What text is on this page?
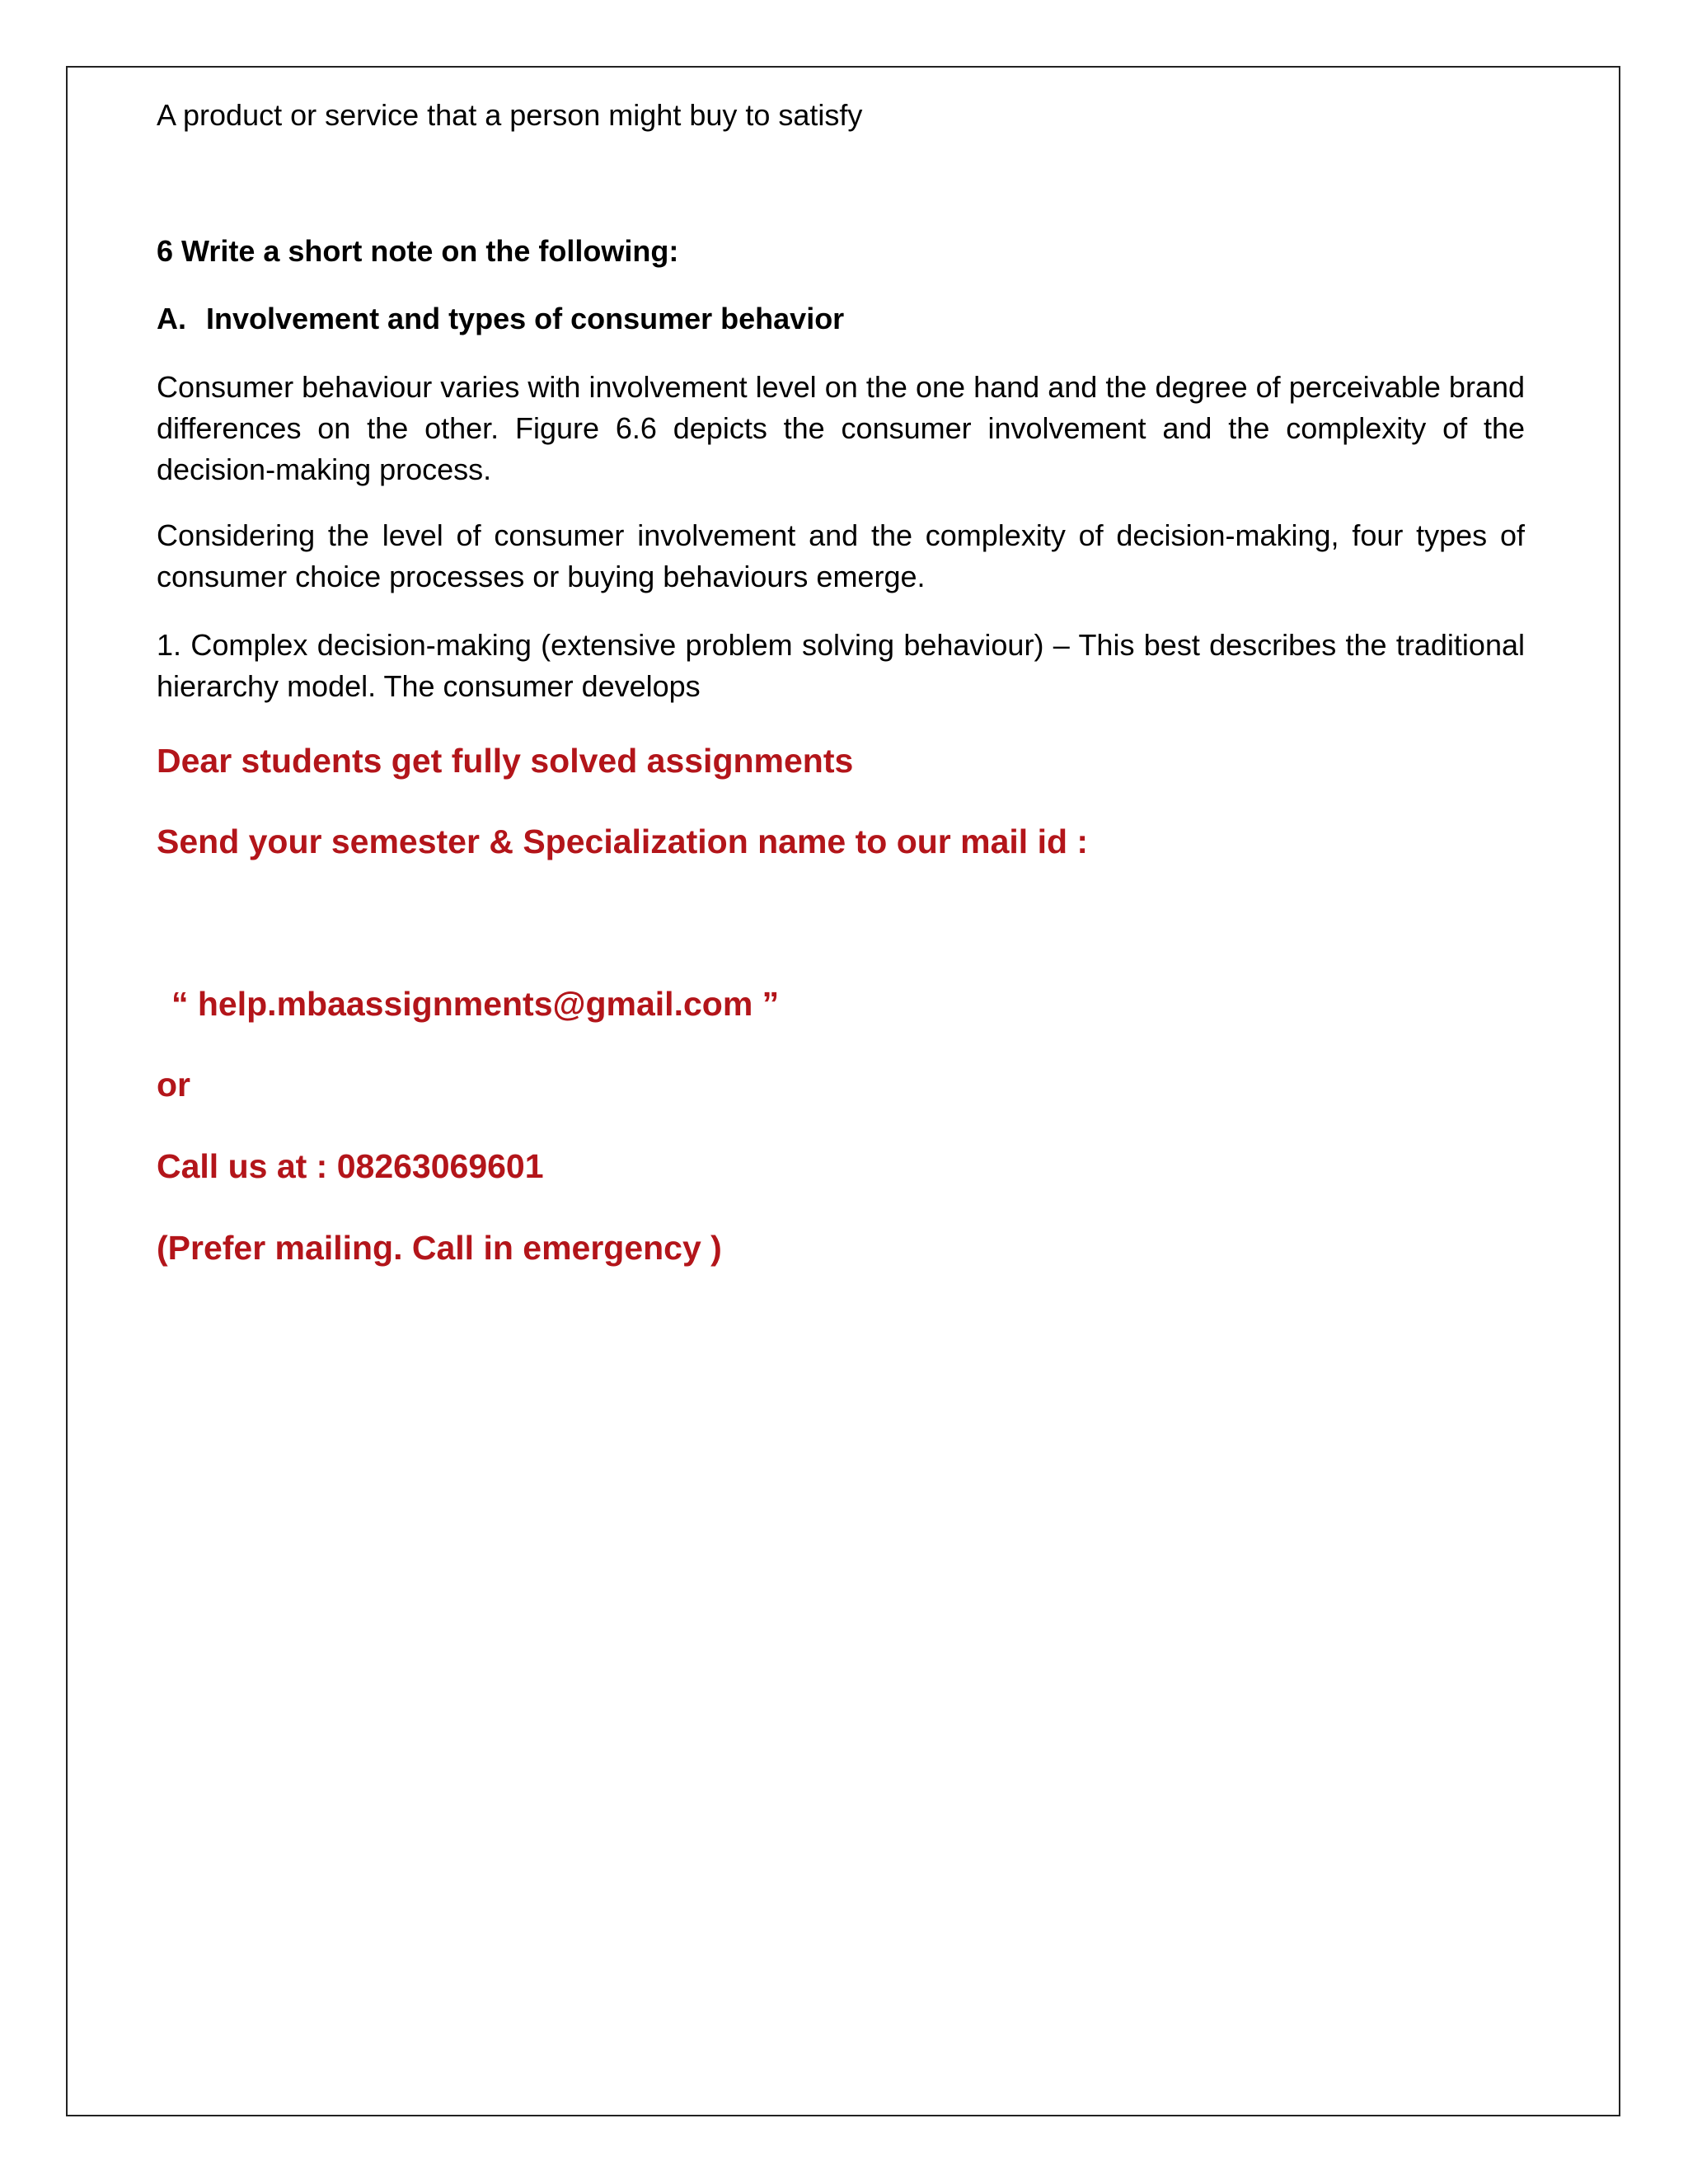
A product or service that a person might buy to satisfy

6 Write a short note on the following:

A. Involvement and types of consumer behavior

Consumer behaviour varies with involvement level on the one hand and the degree of perceivable brand differences on the other. Figure 6.6 depicts the consumer involvement and the complexity of the decision-making process.

Considering the level of consumer involvement and the complexity of decision-making, four types of consumer choice processes or buying behaviours emerge.

1. Complex decision-making (extensive problem solving behaviour) – This best describes the traditional hierarchy model. The consumer develops

Dear students get fully solved assignments

Send your semester & Specialization name to our mail id :

“ help.mbaassignments@gmail.com ”

or

Call us at : 08263069601

(Prefer mailing. Call in emergency )
